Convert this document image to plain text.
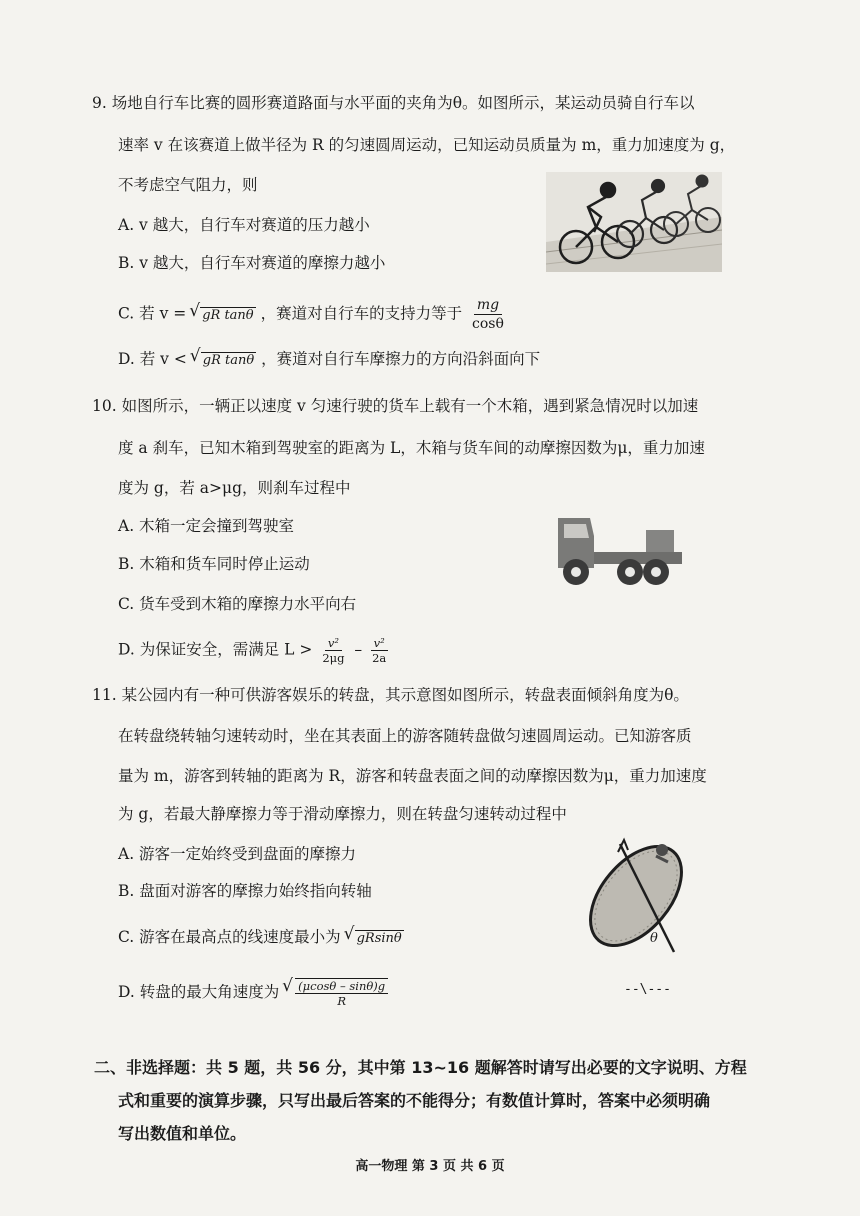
9. 场地自行车比赛的圆形赛道路面与水平面的夹角为θ。如图所示，某运动员骑自行车以
速率 v 在该赛道上做半径为 R 的匀速圆周运动，已知运动员质量为 m，重力加速度为 g，
不考虑空气阻力，则
A. v 越大，自行车对赛道的压力越小
B. v 越大，自行车对赛道的摩擦力越小
C. 若 v = √ gR tanθ ，赛道对自行车的支持力等于 $\frac{mg}{\cos\theta}$
D. 若 v < √ gR tanθ ，赛道对自行车摩擦力的方向沿斜面向下
10. 如图所示，一辆正以速度 v 匀速行驶的货车上载有一个木箱，遇到紧急情况时以加速
度 a 刹车，已知木箱到驾驶室的距离为 L，木箱与货车间的动摩擦因数为μ，重力加速
度为 g，若 a>μg，则刹车过程中
A. 木箱一定会撞到驾驶室
B. 木箱和货车同时停止运动
C. 货车受到木箱的摩擦力水平向右
D. 为保证安全，需满足 $L > \frac{\text{v²}}{2\mu g} - \frac{\text{v²}}{2a}$
11. 某公园内有一种可供游客娱乐的转盘，其示意图如图所示，转盘表面倾斜角度为θ。
在转盘绕转轴匀速转动时，坐在其表面上的游客随转盘做匀速圆周运动。已知游客质
量为 m，游客到转轴的距离为 R，游客和转盘表面之间的动摩擦因数为μ，重力加速度
为 g，若最大静摩擦力等于滑动摩擦力，则在转盘匀速转动过程中
A. 游客一定始终受到盘面的摩擦力
B. 盘面对游客的摩擦力始终指向转轴
C. 游客在最高点的线速度最小为 √ gRsinθ
D. 转盘的最大角速度为 √ $\frac{(\mu\cos\theta - \sin\theta)g}{R}$
θ
--\---
二、非选择题：共 5 题，共 56 分，其中第 13~16 题解答时请写出必要的文字说明、方程
式和重要的演算步骤，只写出最后答案的不能得分；有数值计算时，答案中必须明确
写出数值和单位。
高一物理 第 3 页 共 6 页
